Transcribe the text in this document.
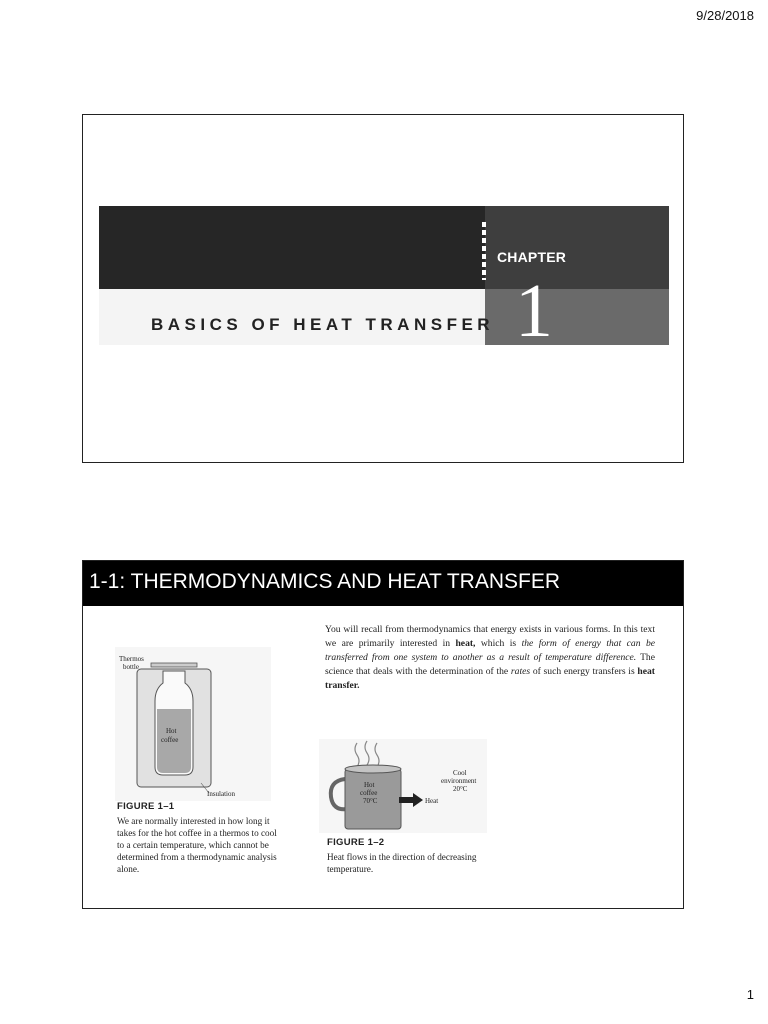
9/28/2018
CHAPTER
1
BASICS OF HEAT TRANSFER
1-1: THERMODYNAMICS AND HEAT TRANSFER
You will recall from thermodynamics that energy exists in various forms. In this text we are primarily interested in heat, which is the form of energy that can be transferred from one system to another as a result of temperature difference. The science that deals with the determination of the rates of such energy transfers is heat transfer.
Thermos
bottle
Hot
coffee
Insulation
FIGURE 1–1
We are normally interested in how long it takes for the hot coffee in a thermos to cool to a certain temperature, which cannot be determined from a thermodynamic analysis alone.
Hot
coffee
70°C	Heat
Cool
environment
20°C
FIGURE 1–2
Heat flows in the direction of decreasing temperature.
1
